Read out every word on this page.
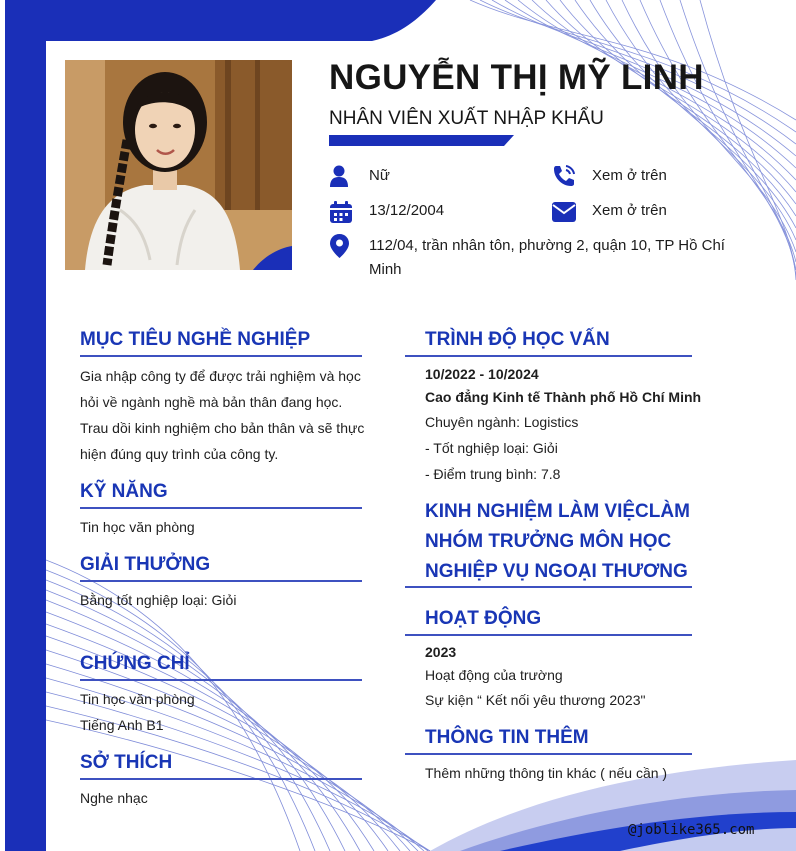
NGUYỄN THỊ MỸ LINH
NHÂN VIÊN XUẤT NHẬP KHẨU
Nữ	Xem ở trên
13/12/2004	Xem ở trên
112/04, trần nhân tôn, phường 2, quận 10, TP Hồ Chí Minh
MỤC TIÊU NGHỀ NGHIỆP
Gia nhập công ty để được trải nghiệm và học
hỏi về ngành nghề mà bản thân đang học.
Trau dồi kinh nghiệm cho bản thân và sẽ thực
hiện đúng quy trình của công ty.
KỸ NĂNG
Tin học văn phòng
GIẢI THƯỞNG
Bằng tốt nghiệp loại: Giỏi
CHỨNG CHỈ
Tin học văn phòng
Tiếng Anh B1
SỞ THÍCH
Nghe nhạc
TRÌNH ĐỘ HỌC VẤN
10/2022 - 10/2024
Cao đẳng Kinh tế Thành phố Hồ Chí Minh
Chuyên ngành: Logistics
- Tốt nghiệp loại: Giỏi
- Điểm trung bình: 7.8
KINH NGHIỆM LÀM VIỆCLÀM
NHÓM TRƯỞNG MÔN HỌC
NGHIỆP VỤ NGOẠI THƯƠNG
HOẠT ĐỘNG
2023
Hoạt động của trường
Sự kiện “ Kết nối yêu thương 2023"
THÔNG TIN THÊM
Thêm những thông tin khác ( nếu cần )
@joblike365.com
